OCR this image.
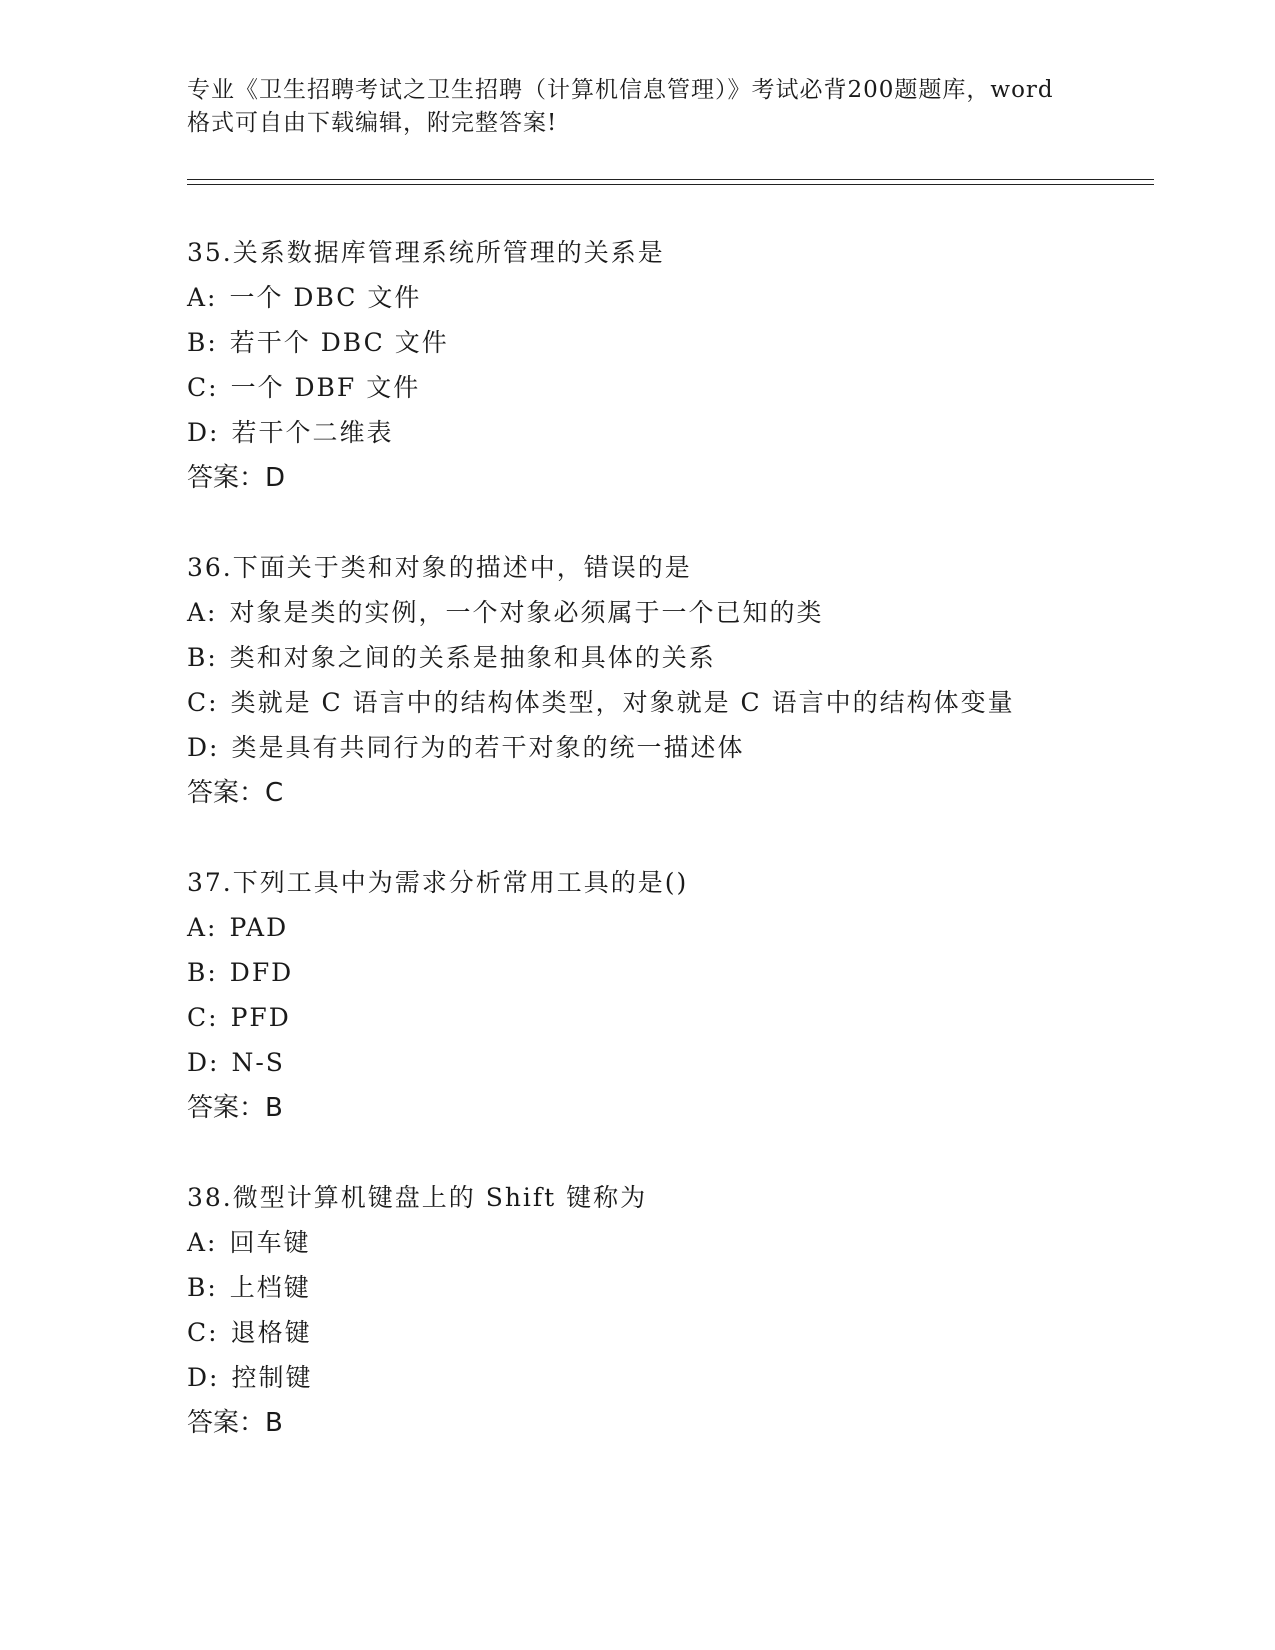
专业《卫生招聘考试之卫生招聘（计算机信息管理）》考试必背200题题库，word
格式可自由下载编辑，附完整答案!
35.关系数据库管理系统所管理的关系是
A: 一个 DBC 文件
B: 若干个 DBC 文件
C: 一个 DBF 文件
D: 若干个二维表
答案：D
36.下面关于类和对象的描述中，错误的是
A: 对象是类的实例，一个对象必须属于一个已知的类
B: 类和对象之间的关系是抽象和具体的关系
C: 类就是 C 语言中的结构体类型，对象就是 C 语言中的结构体变量
D: 类是具有共同行为的若干对象的统一描述体
答案：C
37.下列工具中为需求分析常用工具的是()
A: PAD
B: DFD
C: PFD
D: N-S
答案：B
38.微型计算机键盘上的 Shift 键称为
A: 回车键
B: 上档键
C: 退格键
D: 控制键
答案：B
